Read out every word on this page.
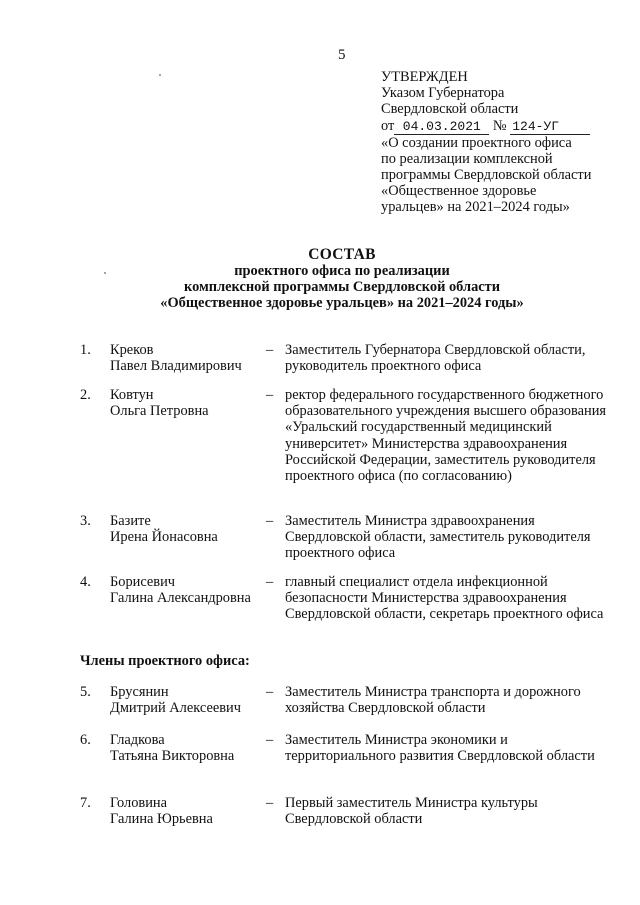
5
УТВЕРЖДЕН
Указом Губернатора
Свердловской области
от 04.03.2021 № 124-УГ
«О создании проектного офиса
по реализации комплексной
программы Свердловской области
«Общественное здоровье
уральцев» на 2021–2024 годы»
СОСТАВ
проектного офиса по реализации
комплексной программы Свердловской области
«Общественное здоровье уральцев» на 2021–2024 годы»
1. Креков
Павел Владимирович
– Заместитель Губернатора Свердловской области, руководитель проектного офиса
2. Ковтун
Ольга Петровна
– ректор федерального государственного бюджетного образовательного учреждения высшего образования «Уральский государственный медицинский университет» Министерства здравоохранения Российской Федерации, заместитель руководителя проектного офиса (по согласованию)
3. Базите
Ирена Йонасовна
– Заместитель Министра здравоохранения Свердловской области, заместитель руководителя проектного офиса
4. Борисевич
Галина Александровна
– главный специалист отдела инфекционной безопасности Министерства здравоохранения Свердловской области, секретарь проектного офиса
Члены проектного офиса:
5. Брусянин
Дмитрий Алексеевич
– Заместитель Министра транспорта и дорожного хозяйства Свердловской области
6. Гладкова
Татьяна Викторовна
– Заместитель Министра экономики и территориального развития Свердловской области
7. Головина
Галина Юрьевна
– Первый заместитель Министра культуры Свердловской области
